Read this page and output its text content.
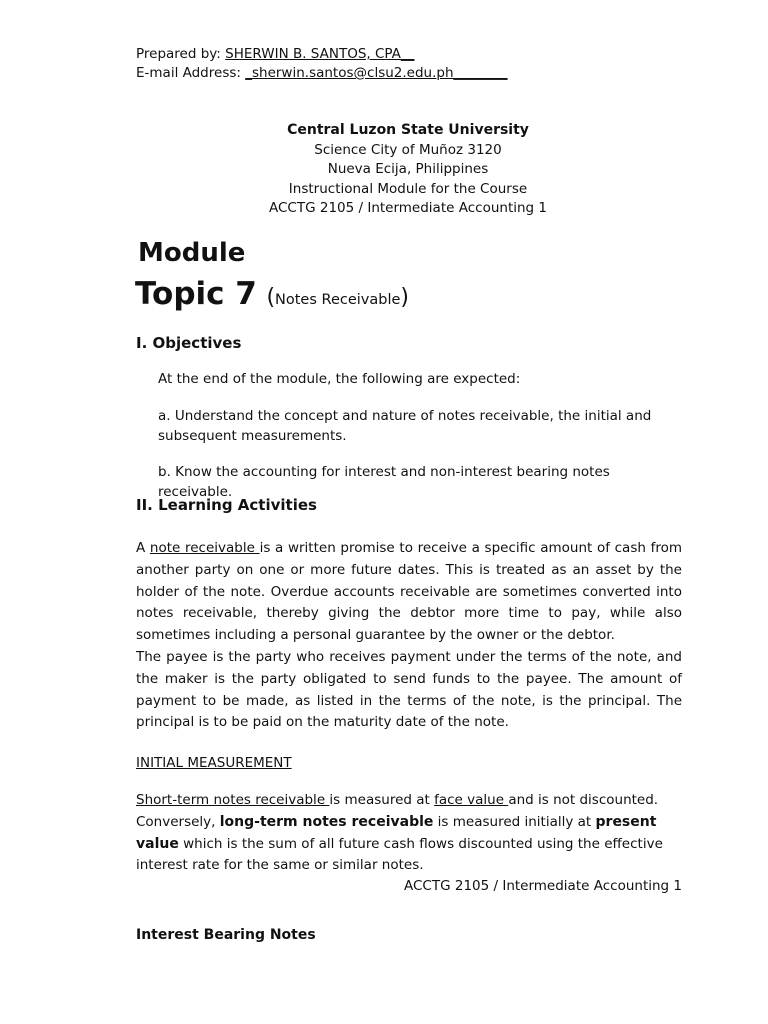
Prepared by: SHERWIN B. SANTOS, CPA__
E-mail Address: _sherwin.santos@clsu2.edu.ph________
Central Luzon State University
Science City of Muñoz 3120
Nueva Ecija, Philippines
Instructional Module for the Course
ACCTG 2105 / Intermediate Accounting 1
Module
Topic 7 (Notes Receivable)
I. Objectives
At the end of the module, the following are expected:
a. Understand the concept and nature of notes receivable, the initial and subsequent measurements.
b. Know the accounting for interest and non-interest bearing notes receivable.
II. Learning Activities

A note receivable is a written promise to receive a specific amount of cash from another party on one or more future dates. This is treated as an asset by the holder of the note. Overdue accounts receivable are sometimes converted into notes receivable, thereby giving the debtor more time to pay, while also sometimes including a personal guarantee by the owner or the debtor.

The payee is the party who receives payment under the terms of the note, and the maker is the party obligated to send funds to the payee. The amount of payment to be made, as listed in the terms of the note, is the principal. The principal is to be paid on the maturity date of the note.

INITIAL MEASUREMENT
Short-term notes receivable is measured at face value and is not discounted. Conversely, long-term notes receivable is measured initially at present value which is the sum of all future cash flows discounted using the effective interest rate for the same or similar notes.
ACCTG 2105 / Intermediate Accounting 1
Interest Bearing Notes
